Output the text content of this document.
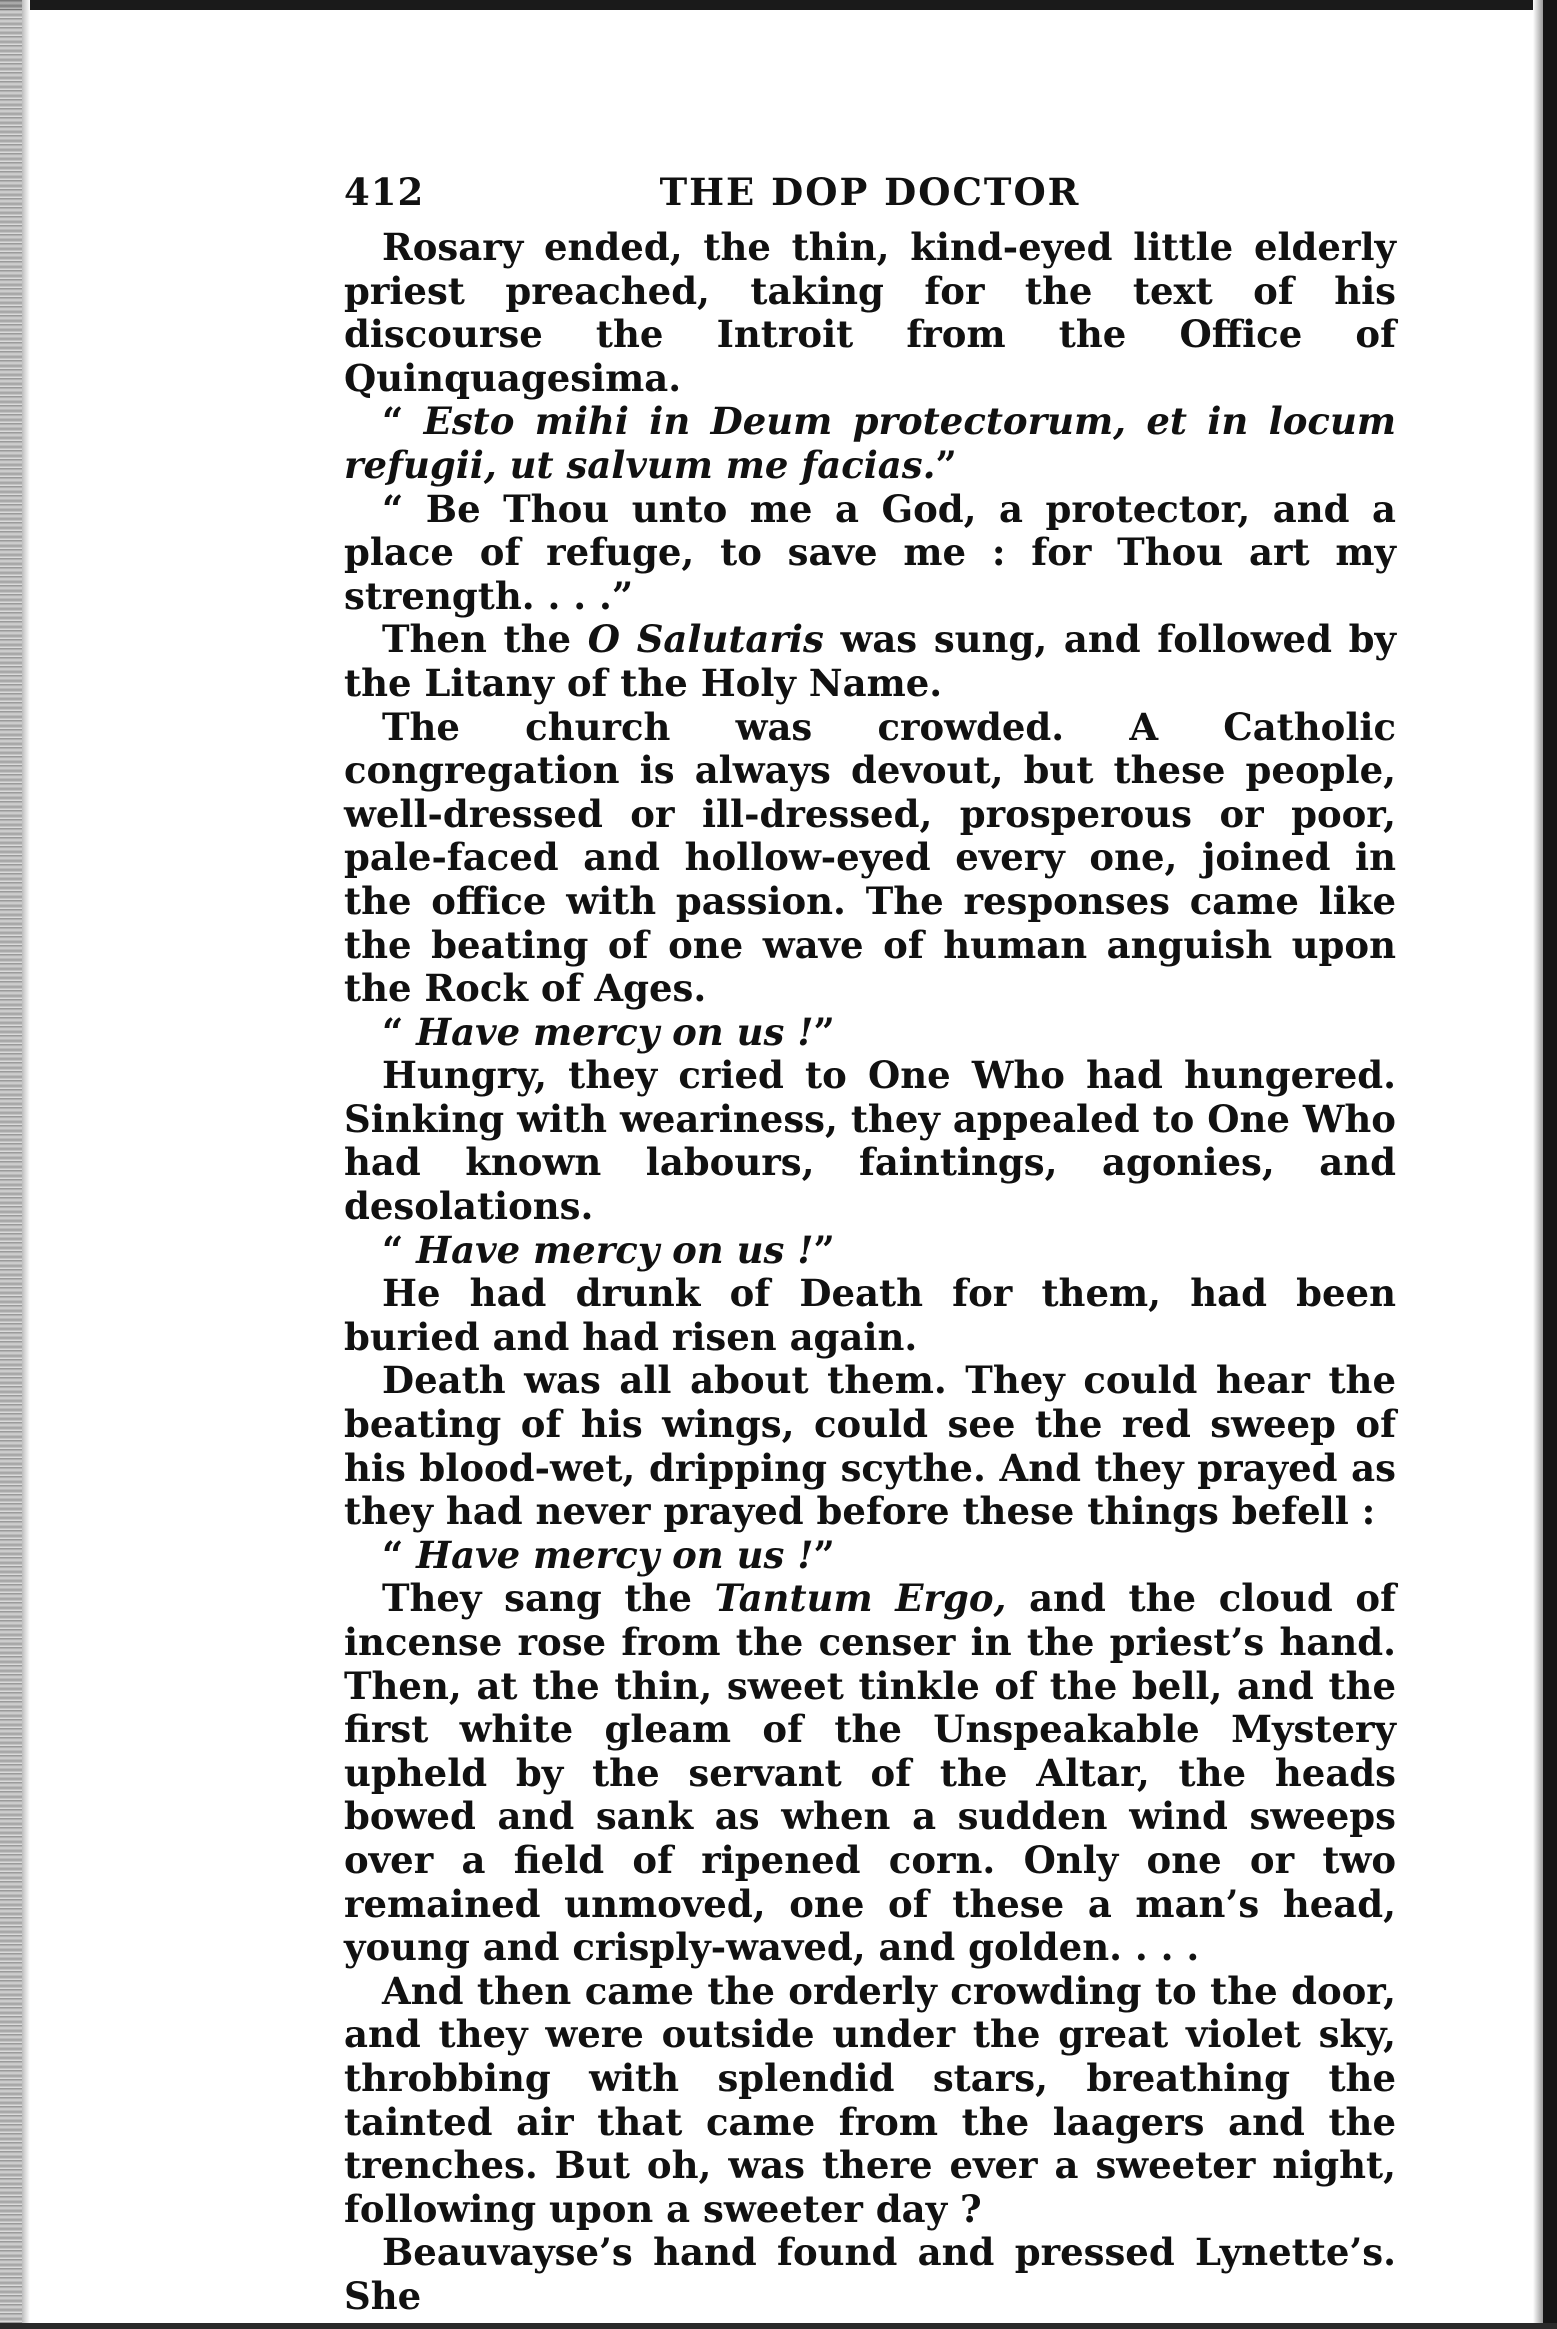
412	THE DOP DOCTOR

Rosary ended, the thin, kind-eyed little elderly priest preached, taking for the text of his discourse the Introit from the Office of Quinquagesima.

“ Esto mihi in Deum protectorum, et in locum refugii, ut salvum me facias.”

“ Be Thou unto me a God, a protector, and a place of refuge, to save me : for Thou art my strength. . . .”

Then the O Salutaris was sung, and followed by the Litany of the Holy Name.

The church was crowded. A Catholic congregation is always devout, but these people, well-dressed or ill-dressed, prosperous or poor, pale-faced and hollow-eyed every one, joined in the office with passion. The responses came like the beating of one wave of human anguish upon the Rock of Ages.

“ Have mercy on us !”

Hungry, they cried to One Who had hungered. Sinking with weariness, they appealed to One Who had known labours, faintings, agonies, and desolations.

“ Have mercy on us !”

He had drunk of Death for them, had been buried and had risen again.

Death was all about them. They could hear the beating of his wings, could see the red sweep of his blood-wet, dripping scythe. And they prayed as they had never prayed before these things befell :

“ Have mercy on us !”

They sang the Tantum Ergo, and the cloud of incense rose from the censer in the priest’s hand. Then, at the thin, sweet tinkle of the bell, and the first white gleam of the Unspeakable Mystery upheld by the servant of the Altar, the heads bowed and sank as when a sudden wind sweeps over a field of ripened corn. Only one or two remained unmoved, one of these a man’s head, young and crisply-waved, and golden. . . .

And then came the orderly crowding to the door, and they were outside under the great violet sky, throbbing with splendid stars, breathing the tainted air that came from the laagers and the trenches. But oh, was there ever a sweeter night, following upon a sweeter day ?

Beauvayse’s hand found and pressed Lynette’s. She
